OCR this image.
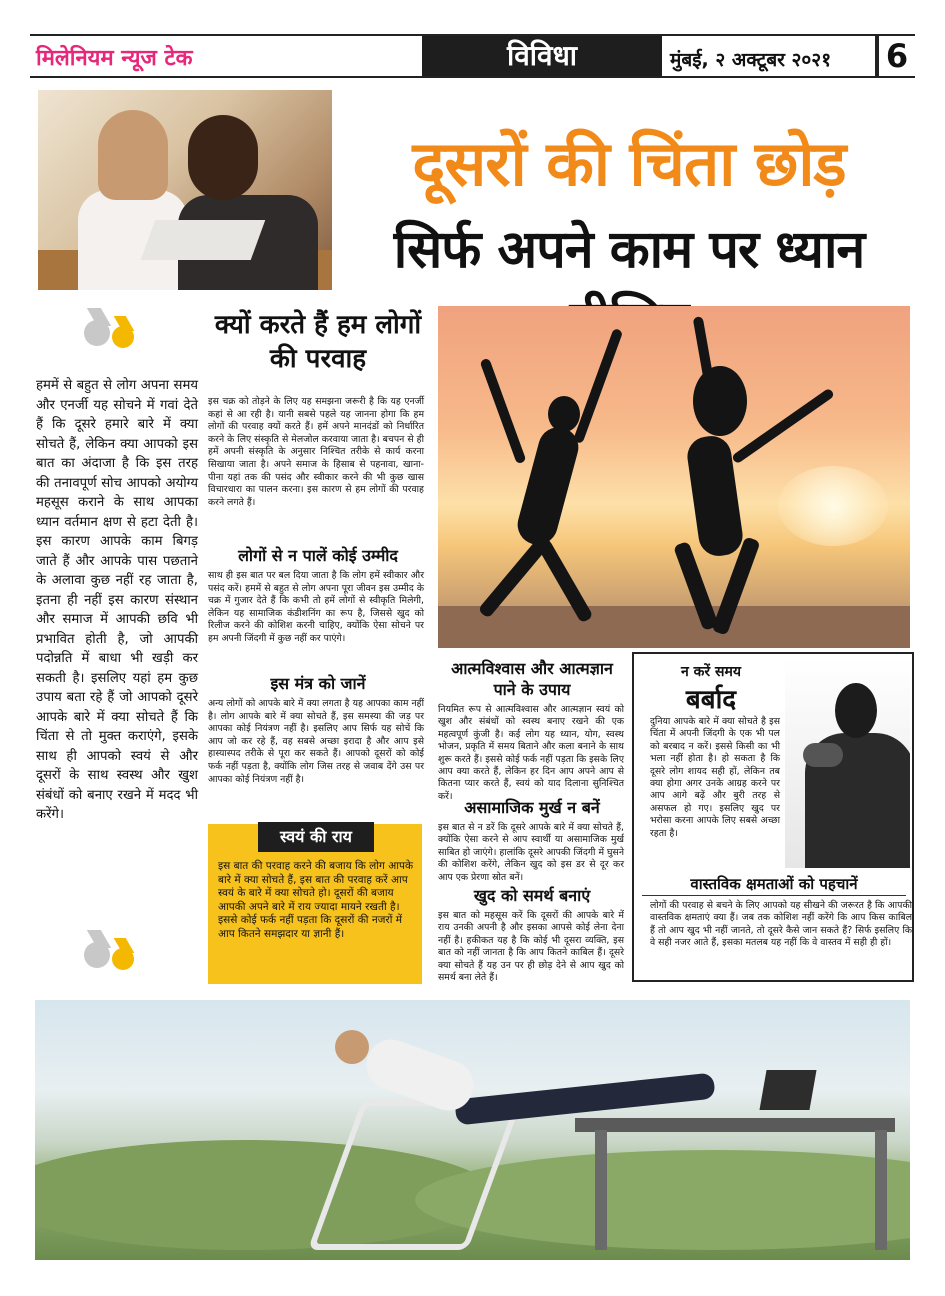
मिलेनियम न्यूज टेक	विविधा	मुंबई, २ अक्टूबर २०२१	6
दूसरों की चिंता छोड़
सिर्फ अपने काम पर ध्यान
हममें से बहुत से लोग अपना समय और एनर्जी यह सोचने में गवां देते हैं कि दूसरे हमारे बारे में क्या सोचते हैं, लेकिन क्या आपको इस बात का अंदाजा है कि इस तरह की तनावपूर्ण सोच आपको अयोग्य महसूस कराने के साथ आपका ध्यान वर्तमान क्षण से हटा देती है। इस कारण आपके काम बिगड़ जाते हैं और आपके पास पछताने के अलावा कुछ नहीं रह जाता है, इतना ही नहीं इस कारण संस्थान और समाज में आपकी छवि भी प्रभावित होती है, जो आपकी पदोन्नति में बाधा भी खड़ी कर सकती है। इसलिए यहां हम कुछ उपाय बता रहे हैं जो आपको दूसरे आपके बारे में क्या सोचते हैं कि चिंता से तो मुक्त कराएंगे, इसके साथ ही आपको स्वयं से और दूसरों के साथ स्वस्थ और खुश संबंधों को बनाए रखने में मदद भी करेंगे।
क्यों करते हैं हम लोगों की परवाह
इस चक्र को तोड़ने के लिए यह समझना जरूरी है कि यह एनर्जी कहां से आ रही है। यानी सबसे पहले यह जानना होगा कि हम लोगों की परवाह क्यों करते हैं। हमें अपने मानदंडों को निर्धारित करने के लिए संस्कृति से मेलजोल करवाया जाता है। बचपन से ही हमें अपनी संस्कृति के अनुसार निश्चित तरीके से कार्य करना सिखाया जाता है। अपने समाज के हिसाब से पहनावा, खाना-पीना यहां तक की पसंद और स्वीकार करने की भी कुछ खास विचारधारा का पालन करना। इस कारण से हम लोगों की परवाह करने लगते हैं।
लोगों से न पालें कोई उम्मीद
साथ ही इस बात पर बल दिया जाता है कि लोग हमें स्वीकार और पसंद करें। हममें से बहुत से लोग अपना पूरा जीवन इस उम्मीद के चक्र में गुजार देते हैं कि कभी तो हमें लोगों से स्वीकृति मिलेगी, लेकिन यह सामाजिक कंडीशनिंग का रूप है, जिससे खुद को रिलीज करने की कोशिश करनी चाहिए, क्योंकि ऐसा सोचने पर हम अपनी जिंदगी में कुछ नहीं कर पाएंगे।
इस मंत्र को जानें
अन्य लोगों को आपके बारे में क्या लगता है यह आपका काम नहीं है। लोग आपके बारे में क्या सोचते हैं, इस समस्या की जड़ पर आपका कोई नियंत्रण नहीं है। इसलिए आप सिर्फ यह सोचें कि आप जो कर रहे हैं, वह सबसे अच्छा इरादा है और आप इसे हास्यास्पद तरीके से पूरा कर सकते हैं। आपको दूसरों को कोई फर्क नहीं पड़ता है, क्योंकि लोग जिस तरह से जवाब देंगे उस पर आपका कोई नियंत्रण नहीं है।
स्वयं की राय
इस बात की परवाह करने की बजाय कि लोग आपके बारे में क्या सोचते हैं, इस बात की परवाह करें आप स्वयं के बारे में क्या सोचते हो। दूसरों की बजाय आपकी अपने बारे में राय ज्यादा मायने रखती है। इससे कोई फर्क नहीं पड़ता कि दूसरों की नजरों में आप कितने समझदार या ज्ञानी हैं।
आत्मविश्वास और आत्मज्ञान पाने के उपाय
नियमित रूप से आत्मविश्वास और आत्मज्ञान स्वयं को खुश और संबंधों को स्वस्थ बनाए रखने की एक महत्वपूर्ण कुंजी है। कई लोग यह ध्यान, योग, स्वस्थ भोजन, प्रकृति में समय बिताने और कला बनाने के साथ शुरू करते हैं। इससे कोई फर्क नहीं पड़ता कि इसके लिए आप क्या करते हैं, लेकिन हर दिन आप अपने आप से कितना प्यार करते हैं, स्वयं को याद दिलाना सुनिश्चित करें।
असामाजिक मुर्ख न बनें
इस बात से न डरें कि दूसरे आपके बारे में क्या सोचते हैं, क्योंकि ऐसा करने से आप स्वार्थी या असामाजिक मुर्ख साबित हो जाएंगे। हालांकि दूसरे आपकी जिंदगी में घुसने की कोशिश करेंगे, लेकिन खुद को इस डर से दूर कर आप एक प्रेरणा स्रोत बनें।
खुद को समर्थ बनाएं
इस बात को महसूस करें कि दूसरों की आपके बारे में राय उनकी अपनी है और इसका आपसे कोई लेना देना नहीं है। हकीकत यह है कि कोई भी दूसरा व्यक्ति, इस बात को नहीं जानता है कि आप कितने काबिल हैं। दूसरे क्या सोचते हैं यह उन पर ही छोड़ देने से आप खुद को समर्थ बना लेते हैं।
न करें समय
बर्बाद
दुनिया आपके बारे में क्या सोचते है इस चिंता में अपनी जिंदगी के एक भी पल को बरबाद न करें। इससे किसी का भी भला नहीं होता है। हो सकता है कि दूसरे लोग शायद सही हों, लेकिन तब क्या होगा अगर उनके आग्रह करने पर आप आगे बढ़ें और बुरी तरह से असफल हो गए। इसलिए खुद पर भरोसा करना आपके लिए सबसे अच्छा रहता है।
वास्तविक क्षमताओं को पहचानें
लोगों की परवाह से बचने के लिए आपको यह सीखने की जरूरत है कि आपकी वास्तविक क्षमताएं क्या हैं। जब तक कोशिश नहीं करेंगे कि आप किस काबिल हैं तो आप खुद भी नहीं जानते, तो दूसरे कैसे जान सकते हैं? सिर्फ इसलिए कि वे सही नजर आते हैं, इसका मतलब यह नहीं कि वे वास्तव में सही ही हों।
